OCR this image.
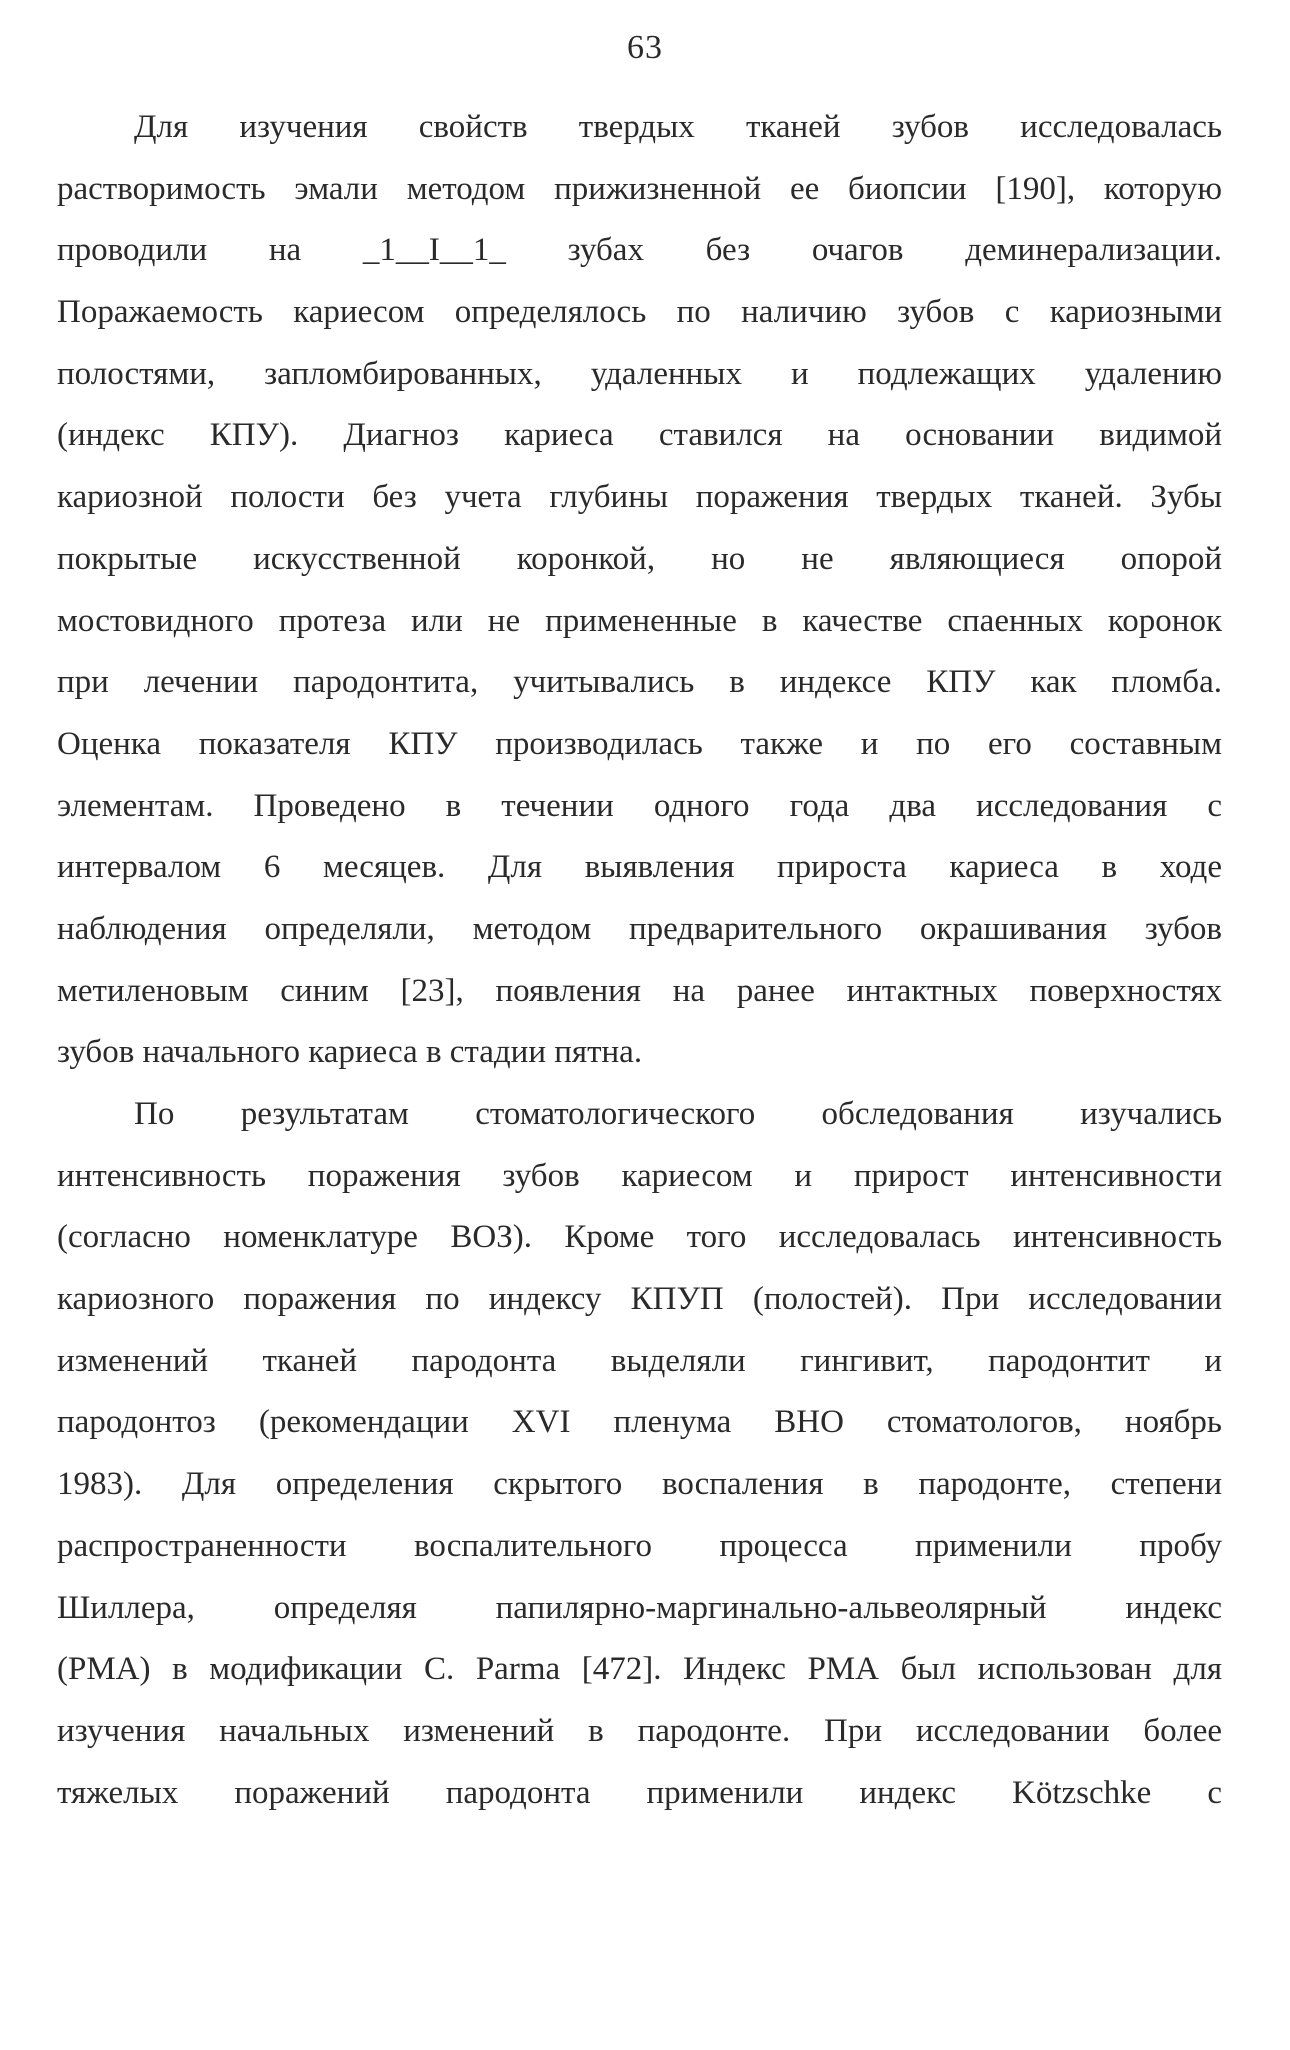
63
Для изучения свойств твердых тканей зубов исследовалась
растворимость эмали методом прижизненной ее биопсии [190], которую
проводили на _1__I__1_ зубах без очагов деминерализации.
Поражаемость кариесом определялось по наличию зубов с кариозными
полостями, запломбированных, удаленных и подлежащих удалению
(индекс КПУ). Диагноз кариеса ставился на основании видимой
кариозной полости без учета глубины поражения твердых тканей. Зубы
покрытые искусственной коронкой, но не являющиеся опорой
мостовидного протеза или не примененные в качестве спаенных коронок
при лечении пародонтита, учитывались в индексе КПУ как пломба.
Оценка показателя КПУ производилась также и по его составным
элементам. Проведено в течении одного года два исследования с
интервалом 6 месяцев. Для выявления прироста кариеса в ходе
наблюдения определяли, методом предварительного окрашивания зубов
метиленовым синим [23], появления на ранее интактных поверхностях
зубов начального кариеса в стадии пятна.
По результатам стоматологического обследования изучались
интенсивность поражения зубов кариесом и прирост интенсивности
(согласно номенклатуре ВОЗ). Кроме того исследовалась интенсивность
кариозного поражения по индексу КПУП (полостей). При исследовании
изменений тканей пародонта выделяли гингивит, пародонтит и
пародонтоз (рекомендации XVI пленума ВНО стоматологов, ноябрь
1983). Для определения скрытого воспаления в пародонте, степени
распространенности воспалительного процесса применили пробу
Шиллера, определяя папилярно-маргинально-альвеолярный индекс
(РМА) в модификации С. Parma [472]. Индекс РМА был использован для
изучения начальных изменений в пародонте. При исследовании более
тяжелых поражений пародонта применили индекс Kötzschke с
